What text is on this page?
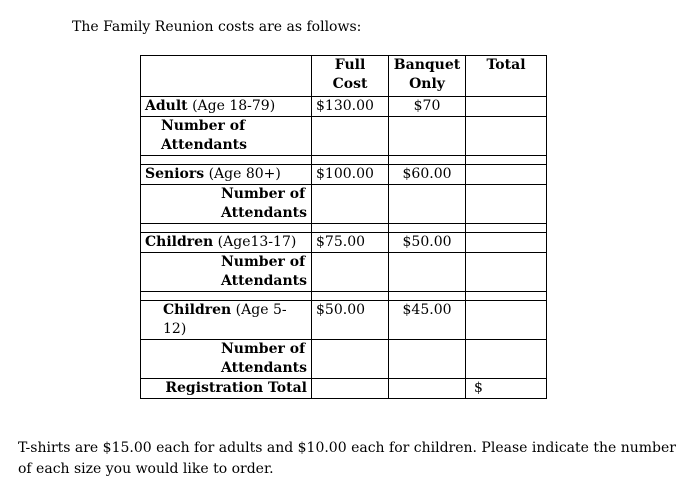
The Family Reunion costs are as follows:
	Full Cost	Banquet Only	Total
Adult (Age 18-79)	$130.00	$70	
Number of Attendants			

Seniors (Age 80+)	$100.00	$60.00	
Number of Attendants			

Children (Age13-17)	$75.00	$50.00	
Number of Attendants			

Children (Age 5-12)	$50.00	$45.00	
Number of Attendants			
Registration Total			$
T-shirts are $15.00 each for adults and $10.00 each for children. Please indicate the number of each size you would like to order.
